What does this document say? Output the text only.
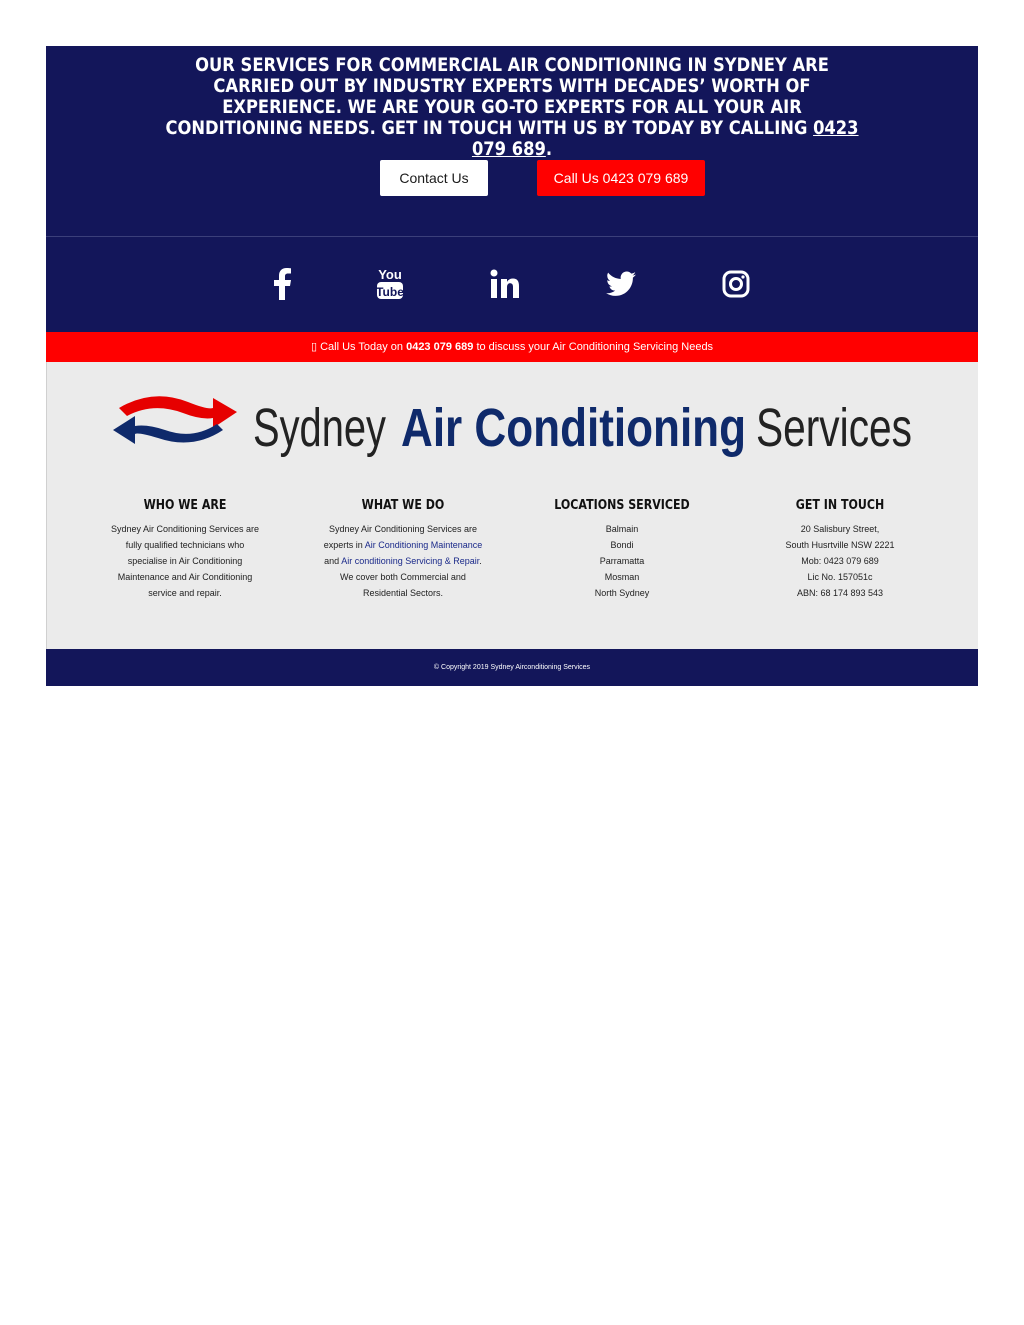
OUR SERVICES FOR COMMERCIAL AIR CONDITIONING IN SYDNEY ARE CARRIED OUT BY INDUSTRY EXPERTS WITH DECADES’ WORTH OF EXPERIENCE. WE ARE YOUR GO-TO EXPERTS FOR ALL YOUR AIR CONDITIONING NEEDS. GET IN TOUCH WITH US BY TODAY BY CALLING 0423 079 689.
Contact Us	Call Us 0423 079 689
You
Tube
▯ Call Us Today on 0423 079 689 to discuss your Air Conditioning Servicing Needs
Sydney Air Conditioning Services
WHO WE ARE

Sydney Air Conditioning Services are

fully qualified technicians who

specialise in Air Conditioning

Maintenance and Air Conditioning

service and repair.

WHAT WE DO

Sydney Air Conditioning Services are

experts in Air Conditioning Maintenance

and Air conditioning Servicing & Repair.

We cover both Commercial and

Residential Sectors.

LOCATIONS SERVICED

Balmain

Bondi

Parramatta

Mosman

North Sydney

GET IN TOUCH

20 Salisbury Street,

South Husrtville NSW 2221

Mob: 0423 079 689

Lic No. 157051c

ABN: 68 174 893 543

© Copyright 2019 Sydney Airconditioning Services
